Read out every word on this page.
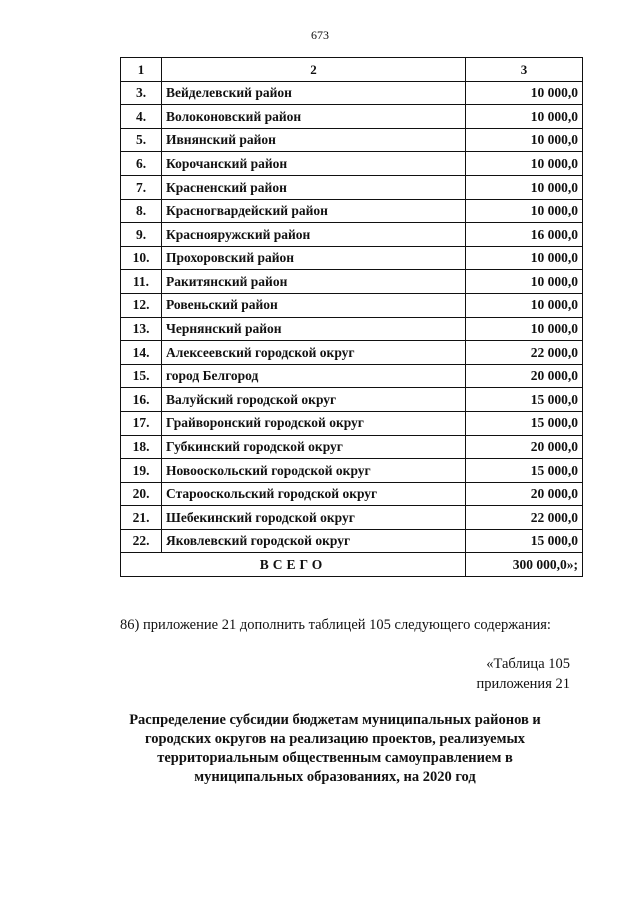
673
1	2	3
3.	Вейделевский район	10 000,0
4.	Волоконовский район	10 000,0
5.	Ивнянский район	10 000,0
6.	Корочанский район	10 000,0
7.	Красненский район	10 000,0
8.	Красногвардейский район	10 000,0
9.	Краснояружский район	16 000,0
10.	Прохоровский район	10 000,0
11.	Ракитянский район	10 000,0
12.	Ровеньский район	10 000,0
13.	Чернянский район	10 000,0
14.	Алексеевский городской округ	22 000,0
15.	город Белгород	20 000,0
16.	Валуйский городской округ	15 000,0
17.	Грайворонский городской округ	15 000,0
18.	Губкинский городской округ	20 000,0
19.	Новооскольский городской округ	15 000,0
20.	Старооскольский городской округ	20 000,0
21.	Шебекинский городской округ	22 000,0
22.	Яковлевский городской округ	15 000,0
ВСЕГО		300 000,0»;
86) приложение 21 дополнить таблицей 105 следующего содержания:
«Таблица 105
приложения 21
Распределение субсидии бюджетам муниципальных районов и
городских округов на реализацию проектов, реализуемых
территориальным общественным самоуправлением в
муниципальных образованиях, на 2020 год
